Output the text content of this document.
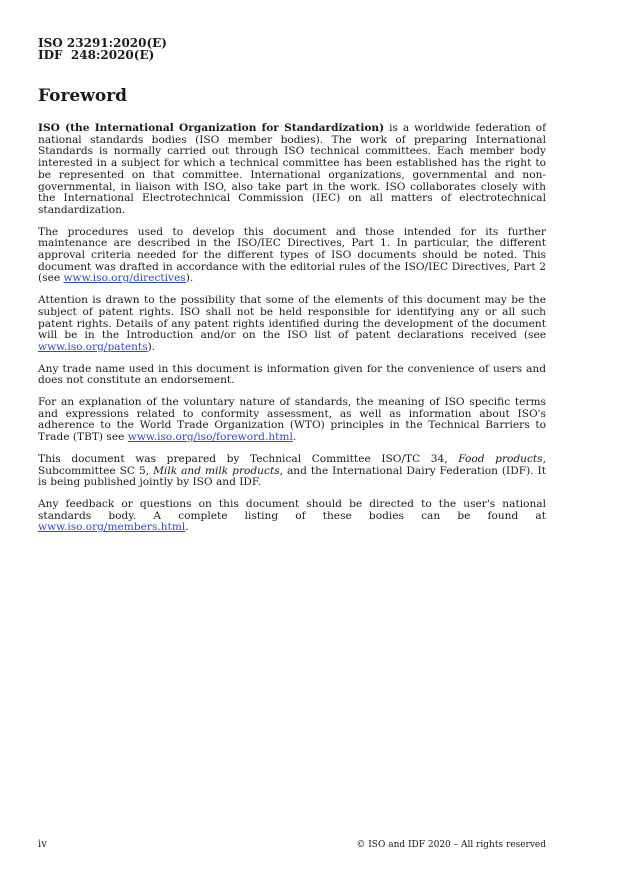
ISO 23291:2020(E)
IDF  248:2020(E)
Foreword

ISO (the International Organization for Standardization) is a worldwide federation of national standards bodies (ISO member bodies). The work of preparing International Standards is normally carried out through ISO technical committees. Each member body interested in a subject for which a technical committee has been established has the right to be represented on that committee. International organizations, governmental and non-governmental, in liaison with ISO, also take part in the work. ISO collaborates closely with the International Electrotechnical Commission (IEC) on all matters of electrotechnical standardization.

The procedures used to develop this document and those intended for its further maintenance are described in the ISO/IEC Directives, Part 1. In particular, the different approval criteria needed for the different types of ISO documents should be noted. This document was drafted in accordance with the editorial rules of the ISO/IEC Directives, Part 2 (see www.iso.org/directives).

Attention is drawn to the possibility that some of the elements of this document may be the subject of patent rights. ISO shall not be held responsible for identifying any or all such patent rights. Details of any patent rights identified during the development of the document will be in the Introduction and/or on the ISO list of patent declarations received (see www.iso.org/patents).

Any trade name used in this document is information given for the convenience of users and does not constitute an endorsement.

For an explanation of the voluntary nature of standards, the meaning of ISO specific terms and expressions related to conformity assessment, as well as information about ISO's adherence to the World Trade Organization (WTO) principles in the Technical Barriers to Trade (TBT) see www.iso.org/iso/foreword.html.

This document was prepared by Technical Committee ISO/TC 34, Food products, Subcommittee SC 5, Milk and milk products, and the International Dairy Federation (IDF). It is being published jointly by ISO and IDF.

Any feedback or questions on this document should be directed to the user's national standards body. A complete listing of these bodies can be found at www.iso.org/members.html.

iv	© ISO and IDF 2020 – All rights reserved
